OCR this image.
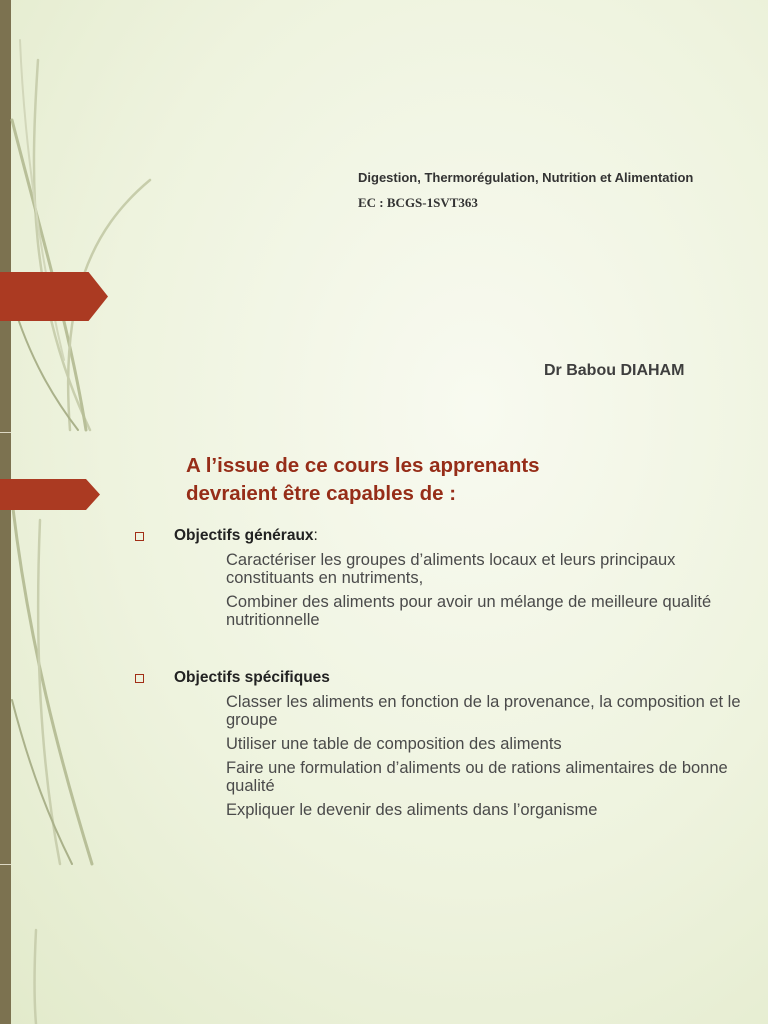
Digestion, Thermorégulation, Nutrition et Alimentation
EC : BCGS-1SVT363
Dr Babou DIAHAM
A l’issue de ce cours les apprenants
devraient être capables de :
Objectifs généraux :
Caractériser les groupes d’aliments locaux et leurs principaux constituants en nutriments,
Combiner des aliments pour avoir un mélange de meilleure qualité nutritionnelle
Objectifs spécifiques
Classer les aliments en fonction de la provenance, la composition et le groupe
Utiliser une table de composition des aliments
Faire une formulation d’aliments ou de rations alimentaires de bonne qualité
Expliquer le devenir des aliments dans l’organisme
